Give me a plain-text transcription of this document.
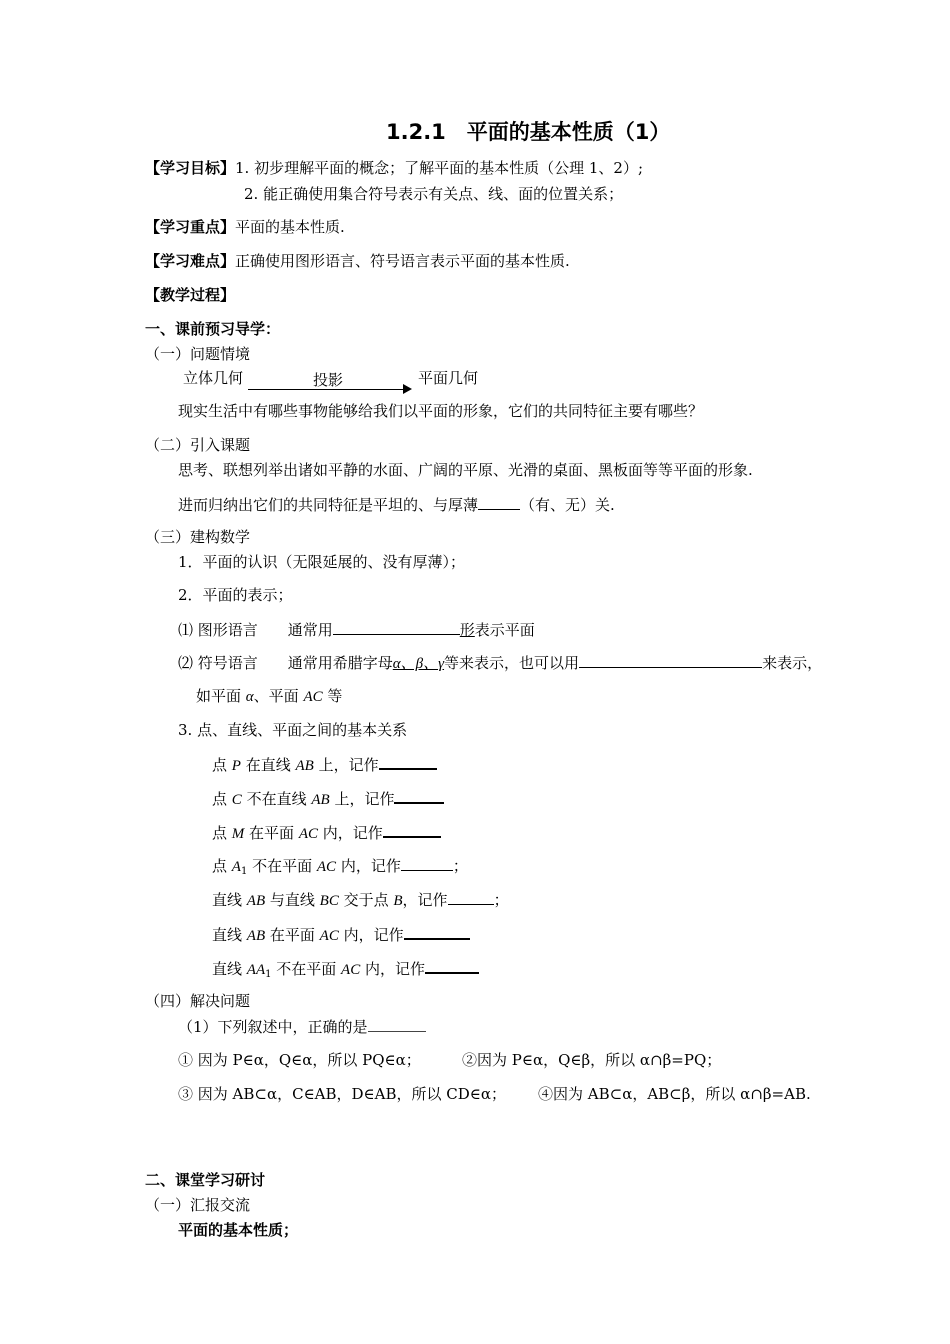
1.2.1　平面的基本性质（1）
【学习目标】1. 初步理解平面的概念；了解平面的基本性质（公理 1、2）;
2. 能正确使用集合符号表示有关点、线、面的位置关系；
【学习重点】平面的基本性质.
【学习难点】正确使用图形语言、符号语言表示平面的基本性质.
【教学过程】
一、课前预习导学：
（一）问题情境
立体几何	投影	平面几何
现实生活中有哪些事物能够给我们以平面的形象，它们的共同特征主要有哪些？
（二）引入课题
思考、联想列举出诸如平静的水面、广阔的平原、光滑的桌面、黑板面等等平面的形象.
进而归纳出它们的共同特征是平坦的、与厚薄	（有、无）关.
（三）建构数学
1．平面的认识（无限延展的、没有厚薄）；
2．平面的表示；
⑴ 图形语言　　通常用	形表示平面
⑵ 符号语言　　通常用希腊字母α、β、γ等来表示，也可以用	来表示，
如平面 α、平面 AC 等
3. 点、直线、平面之间的基本关系
点 P 在直线 AB 上，记作
点 C 不在直线 AB 上，记作
点 M 在平面 AC 内，记作
点 $A_1$ 不在平面 AC 内，记作	；
直线 AB 与直线 BC 交于点 B，记作	；
直线 AB 在平面 AC 内，记作
直线 $AA_1$ 不在平面 AC 内，记作
（四）解决问题
（1）下列叙述中，正确的是
① 因为 P∈α，Q∈α，所以 PQ∈α；	②因为 P∈α，Q∈β，所以 α∩β=PQ；
③ 因为 AB⊂α，C∈AB，D∈AB，所以 CD∈α； ④因为 AB⊂α，AB⊂β，所以 α∩β=AB.
二、课堂学习研讨
（一）汇报交流
平面的基本性质；
